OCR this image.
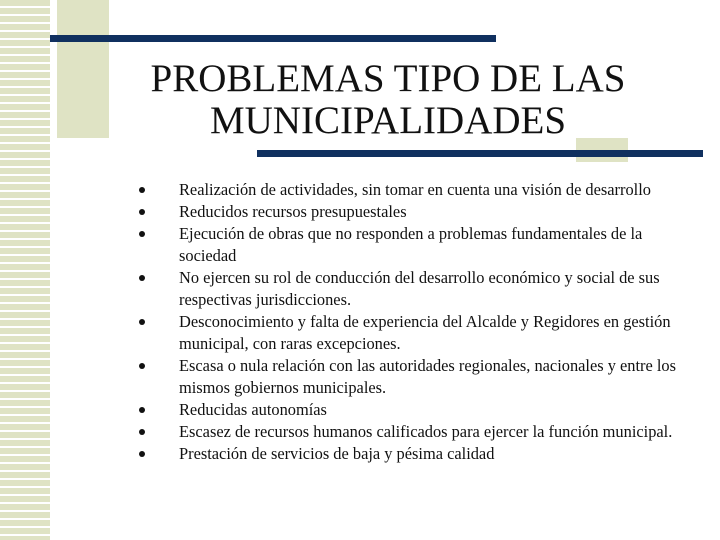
PROBLEMAS TIPO DE LAS
MUNICIPALIDADES
Realización de actividades, sin tomar en cuenta una visión de desarrollo
Reducidos recursos presupuestales
Ejecución de obras que no responden a problemas fundamentales de la sociedad
No ejercen su rol de conducción del desarrollo económico y social de sus respectivas jurisdicciones.
Desconocimiento y falta de experiencia del Alcalde y Regidores en gestión municipal, con raras excepciones.
Escasa o nula relación con las autoridades regionales, nacionales y entre los mismos gobiernos municipales.
Reducidas autonomías
Escasez de recursos humanos calificados para ejercer la función municipal.
Prestación de servicios de baja y pésima calidad
